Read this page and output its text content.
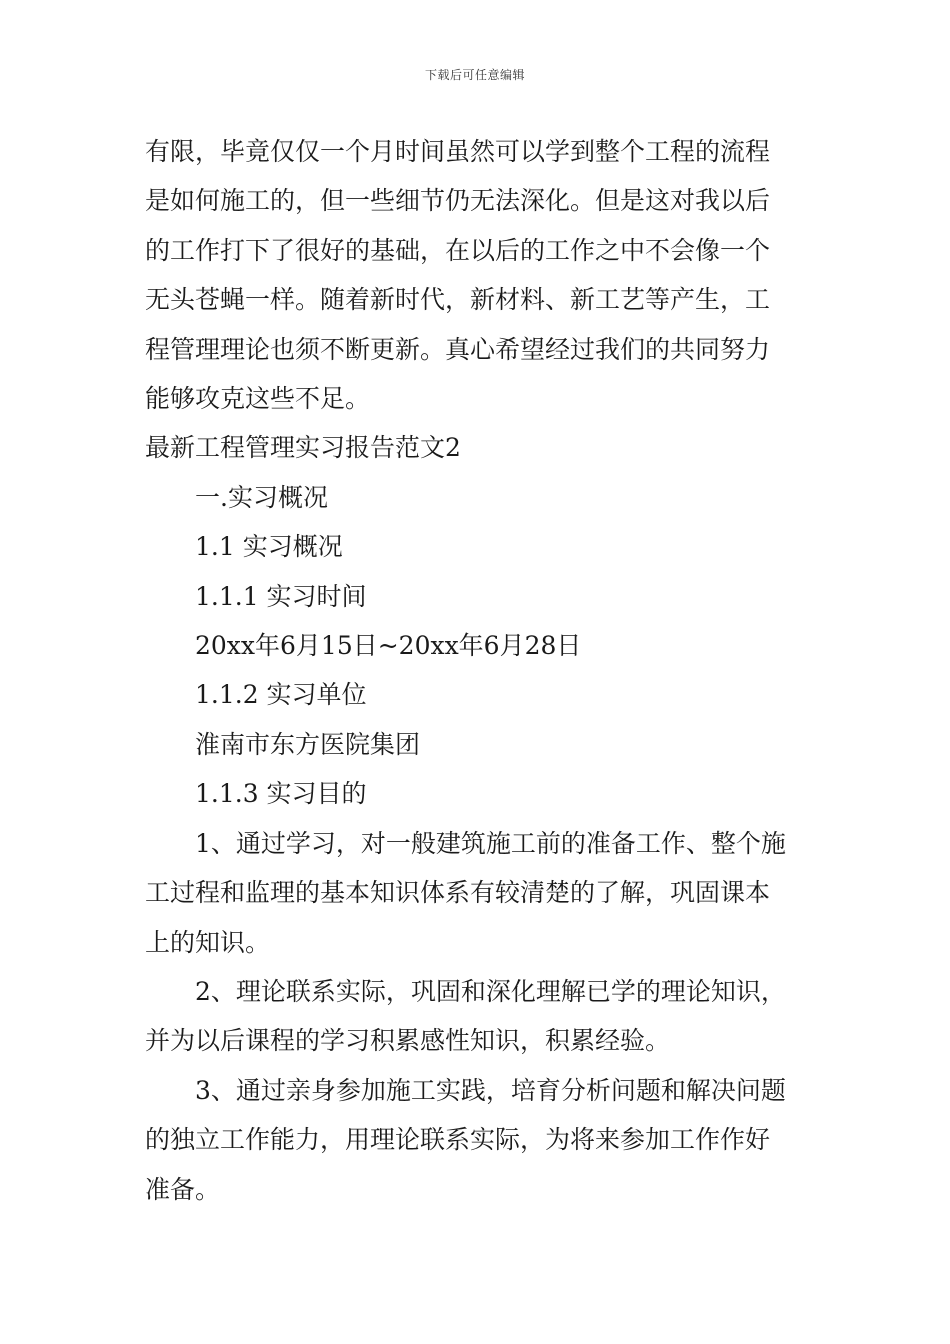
下载后可任意编辑

有限，毕竟仅仅一个月时间虽然可以学到整个工程的流程

是如何施工的，但一些细节仍无法深化。但是这对我以后

的工作打下了很好的基础，在以后的工作之中不会像一个

无头苍蝇一样。随着新时代，新材料、新工艺等产生，工

程管理理论也须不断更新。真心希望经过我们的共同努力

能够攻克这些不足。

最新工程管理实习报告范文2

一.实习概况

1.1 实习概况

1.1.1 实习时间

20xx年6月15日~20xx年6月28日

1.1.2 实习单位

淮南市东方医院集团

1.1.3 实习目的

1、通过学习，对一般建筑施工前的准备工作、整个施

工过程和监理的基本知识体系有较清楚的了解，巩固课本

上的知识。

2、理论联系实际，巩固和深化理解已学的理论知识，

并为以后课程的学习积累感性知识，积累经验。

3、通过亲身参加施工实践，培育分析问题和解决问题

的独立工作能力，用理论联系实际，为将来参加工作作好

准备。
